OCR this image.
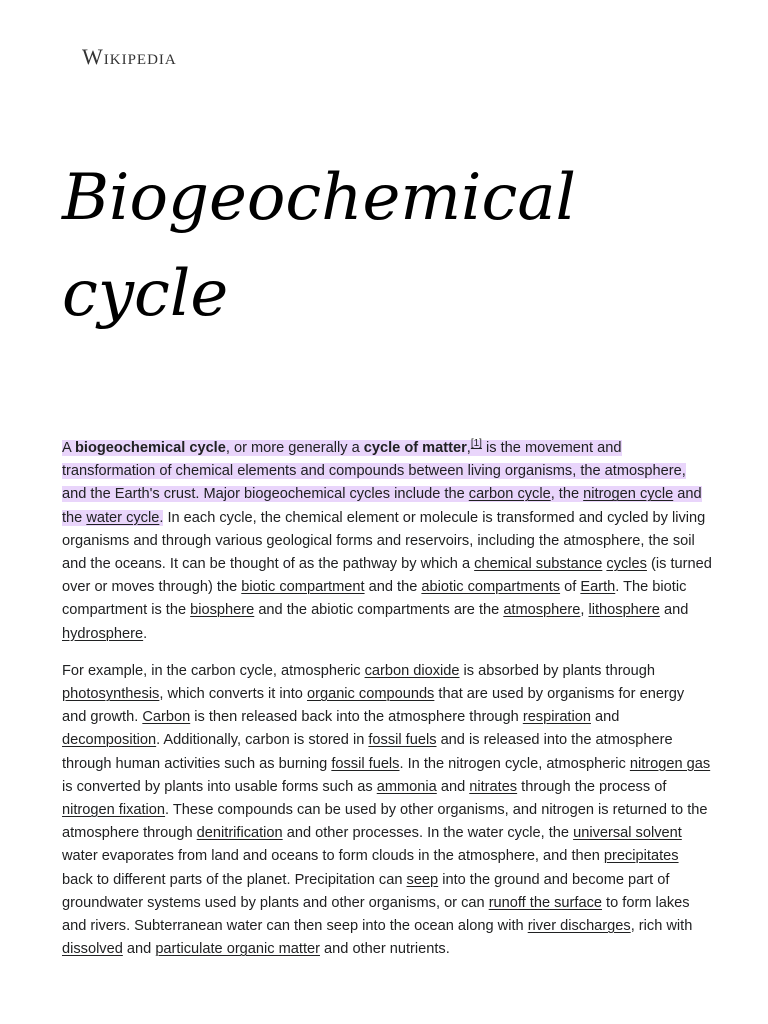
Wikipedia
Biogeochemical
cycle

A biogeochemical cycle, or more generally a cycle of matter,[1] is the movement and transformation of chemical elements and compounds between living organisms, the atmosphere, and the Earth's crust. Major biogeochemical cycles include the carbon cycle, the nitrogen cycle and the water cycle. In each cycle, the chemical element or molecule is transformed and cycled by living organisms and through various geological forms and reservoirs, including the atmosphere, the soil and the oceans. It can be thought of as the pathway by which a chemical substance cycles (is turned over or moves through) the biotic compartment and the abiotic compartments of Earth. The biotic compartment is the biosphere and the abiotic compartments are the atmosphere, lithosphere and hydrosphere.

For example, in the carbon cycle, atmospheric carbon dioxide is absorbed by plants through photosynthesis, which converts it into organic compounds that are used by organisms for energy and growth. Carbon is then released back into the atmosphere through respiration and decomposition. Additionally, carbon is stored in fossil fuels and is released into the atmosphere through human activities such as burning fossil fuels. In the nitrogen cycle, atmospheric nitrogen gas is converted by plants into usable forms such as ammonia and nitrates through the process of nitrogen fixation. These compounds can be used by other organisms, and nitrogen is returned to the atmosphere through denitrification and other processes. In the water cycle, the universal solvent water evaporates from land and oceans to form clouds in the atmosphere, and then precipitates back to different parts of the planet. Precipitation can seep into the ground and become part of groundwater systems used by plants and other organisms, or can runoff the surface to form lakes and rivers. Subterranean water can then seep into the ocean along with river discharges, rich with dissolved and particulate organic matter and other nutrients.
